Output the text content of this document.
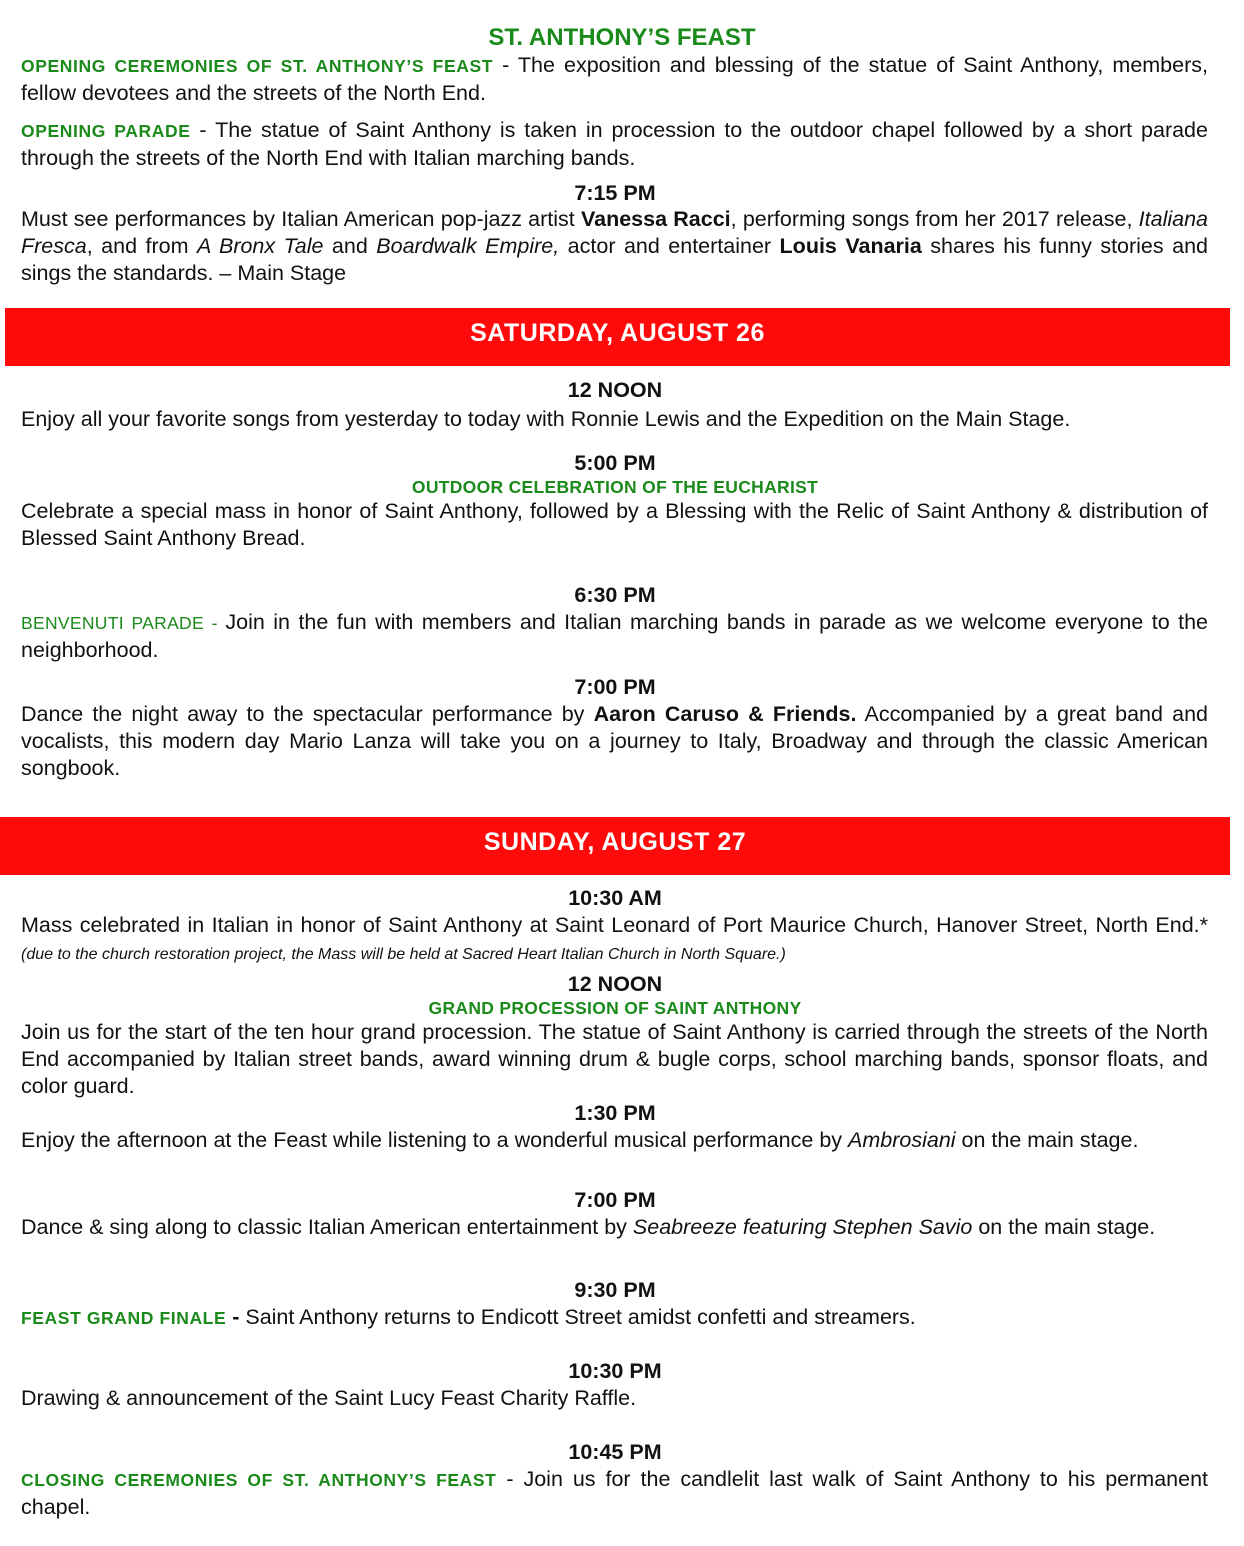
ST. ANTHONY’S FEAST
OPENING CEREMONIES OF ST. ANTHONY’S FEAST - The exposition and blessing of the statue of Saint Anthony, members, fellow devotees and the streets of the North End.
OPENING PARADE - The statue of Saint Anthony is taken in procession to the outdoor chapel followed by a short parade through the streets of the North End with Italian marching bands.
7:15 PM
Must see performances by Italian American pop-jazz artist Vanessa Racci, performing songs from her 2017 release, Italiana Fresca, and from A Bronx Tale and Boardwalk Empire, actor and entertainer Louis Vanaria shares his funny stories and sings the standards. – Main Stage
SATURDAY, AUGUST 26
12 NOON
Enjoy all your favorite songs from yesterday to today with Ronnie Lewis and the Expedition on the Main Stage.
5:00 PM
OUTDOOR CELEBRATION OF THE EUCHARIST
Celebrate a special mass in honor of Saint Anthony, followed by a Blessing with the Relic of Saint Anthony & distribution of Blessed Saint Anthony Bread.
6:30 PM
BENVENUTI PARADE - Join in the fun with members and Italian marching bands in parade as we welcome everyone to the neighborhood.
7:00 PM
Dance the night away to the spectacular performance by Aaron Caruso & Friends. Accompanied by a great band and vocalists, this modern day Mario Lanza will take you on a journey to Italy, Broadway and through the classic American songbook.
SUNDAY, AUGUST 27
10:30 AM
Mass celebrated in Italian in honor of Saint Anthony at Saint Leonard of Port Maurice Church, Hanover Street, North End.* (due to the church restoration project, the Mass will be held at Sacred Heart Italian Church in North Square.)
12 NOON
GRAND PROCESSION OF SAINT ANTHONY
Join us for the start of the ten hour grand procession. The statue of Saint Anthony is carried through the streets of the North End accompanied by Italian street bands, award winning drum & bugle corps, school marching bands, sponsor floats, and color guard.
1:30 PM
Enjoy the afternoon at the Feast while listening to a wonderful musical performance by Ambrosiani on the main stage.
7:00 PM
Dance & sing along to classic Italian American entertainment by Seabreeze featuring Stephen Savio on the main stage.
9:30 PM
FEAST GRAND FINALE - Saint Anthony returns to Endicott Street amidst confetti and streamers.
10:30 PM
Drawing & announcement of the Saint Lucy Feast Charity Raffle.
10:45 PM
CLOSING CEREMONIES OF ST. ANTHONY’S FEAST - Join us for the candlelit last walk of Saint Anthony to his permanent chapel.
